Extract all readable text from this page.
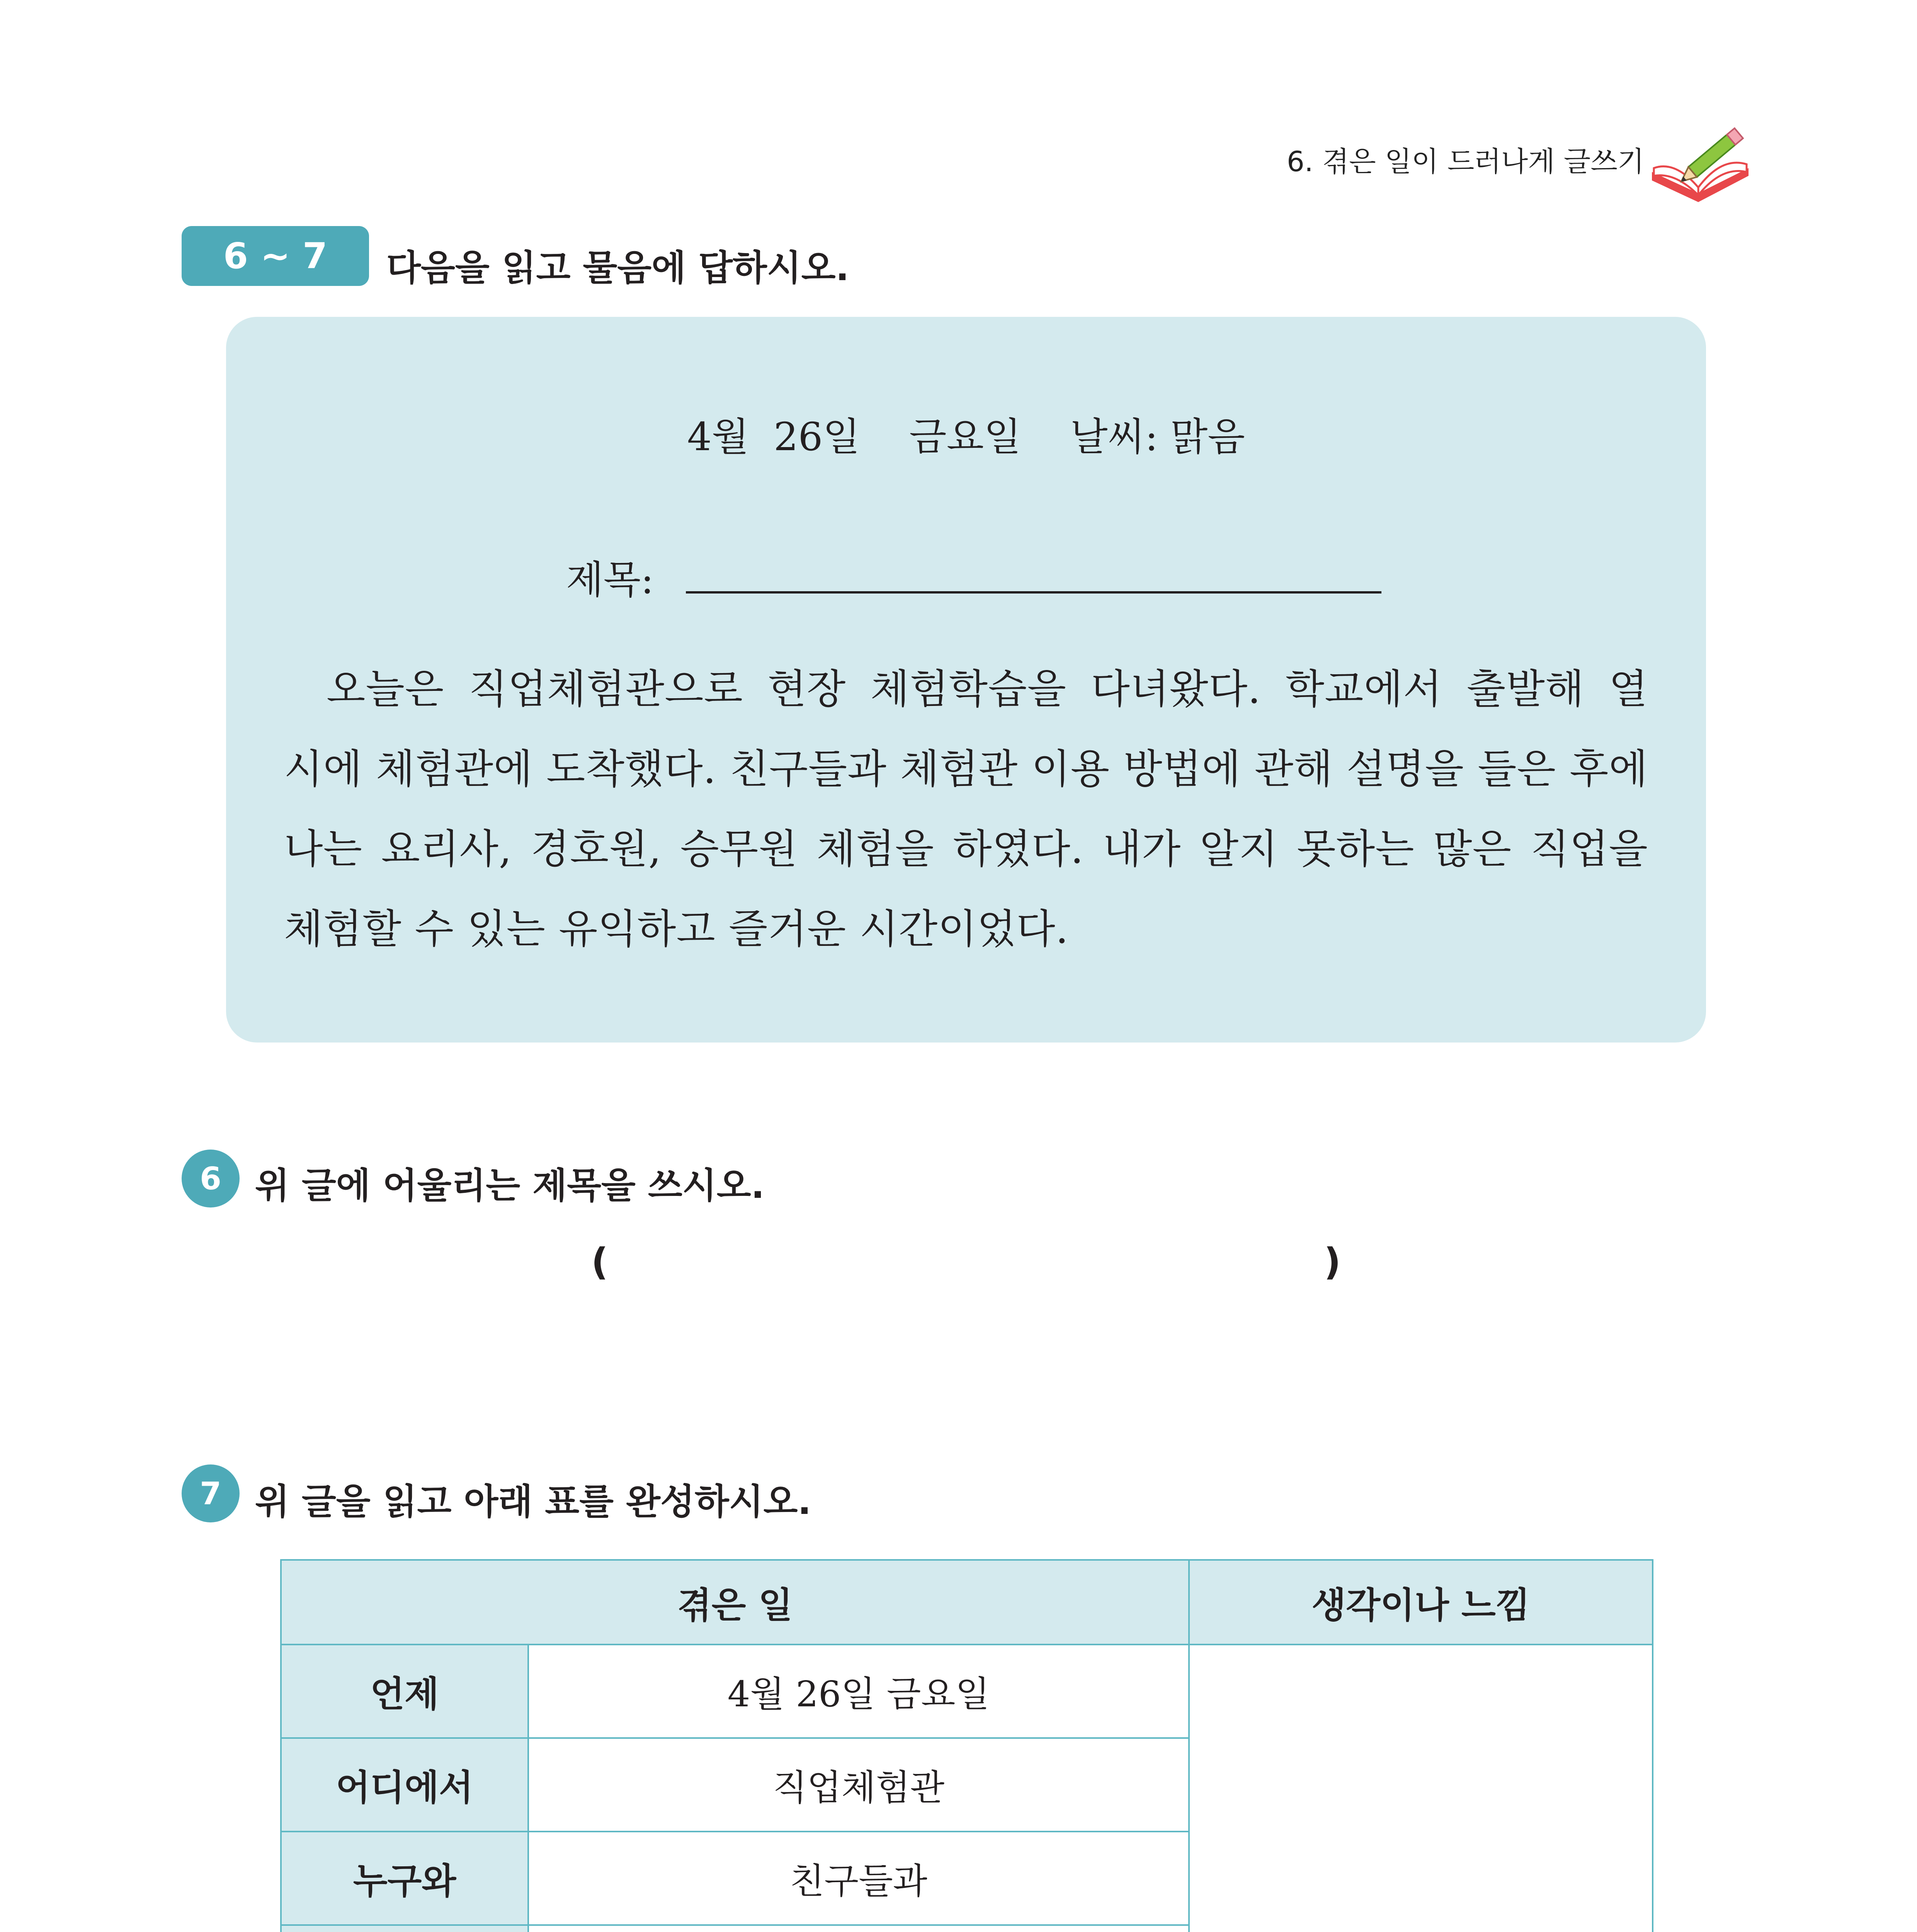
6. 겪은 일이 드러나게 글쓰기
6 ~ 7	다음을 읽고 물음에 답하시오.
4월  26일    금요일    날씨: 맑음
제목:
오늘은 직업체험관으로 현장 체험학습을 다녀왔다. 학교에서 출발해 열 시에 체험관에 도착했다. 친구들과 체험관 이용 방법에 관해 설명을 들은 후에 나는 요리사, 경호원, 승무원 체험을 하였다. 내가 알지 못하는 많은 직업을 체험할 수 있는 유익하고 즐거운 시간이었다.
6 위 글에 어울리는 제목을 쓰시오.
(	)
7 위 글을 읽고 아래 표를 완성하시오.
겪은 일		생각이나 느낌
언제	4월 26일 금요일	
어디에서	직업체험관	
누구와	친구들과	
